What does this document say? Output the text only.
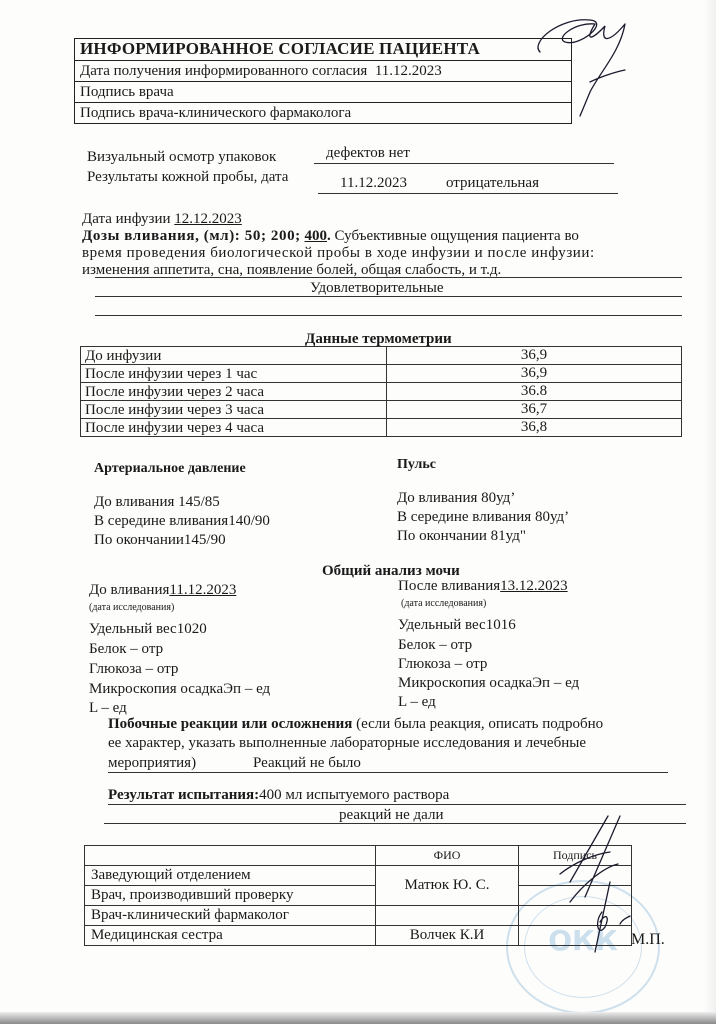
ИНФОРМИРОВАННОЕ СОГЛАСИЕ ПАЦИЕНТА
Дата получения информированного согласия 11.12.2023
Подпись врача
Подпись врача-клинического фармаколога
Визуальный осмотр упаковок	дефектов нет
Результаты кожной пробы, дата	11.12.2023	отрицательная
Дата инфузии 12.12.2023
Дозы вливания, (мл): 50; 200; 400. Субъективные ощущения пациента во
время проведения биологической пробы в ходе инфузии и после инфузии:
изменения аппетита, сна, появление болей, общая слабость, и т.д.
Удовлетворительные
Данные термометрии
До инфузии	36,9
После инфузии через 1 час	36,9
После инфузии через 2 часа	36.8
После инфузии через 3 часа	36,7
После инфузии через 4 часа	36,8
Артериальное давление
До вливания 145/85
В середине вливания140/90
По окончании145/90
Пульс
До вливания 80уд’
В середине вливания 80уд’
По окончании 81уд"
Общий анализ мочи
До вливания11.12.2023
(дата исследования)
Удельный вес1020
Белок – отр
Глюкоза – отр
Микроскопия осадкаЭп – ед
L – ед
После вливания13.12.2023
(дата исследования)
Удельный вес1016
Белок – отр
Глюкоза – отр
Микроскопия осадкаЭп – ед
L – ед
Побочные реакции или осложнения (если была реакция, описать подробно
ее характер, указать выполненные лабораторные исследования и лечебные
мероприятия)	Реакций не было
Результат испытания:400 мл испытуемого раствора
реакций не дали
ОКК
	ФИО	Подпись
Заведующий отделением	Матюк Ю. С.	
Врач, производивший проверку		
Врач-клинический фармаколог		
Медицинская сестра	Волчек К.И		М.П.
